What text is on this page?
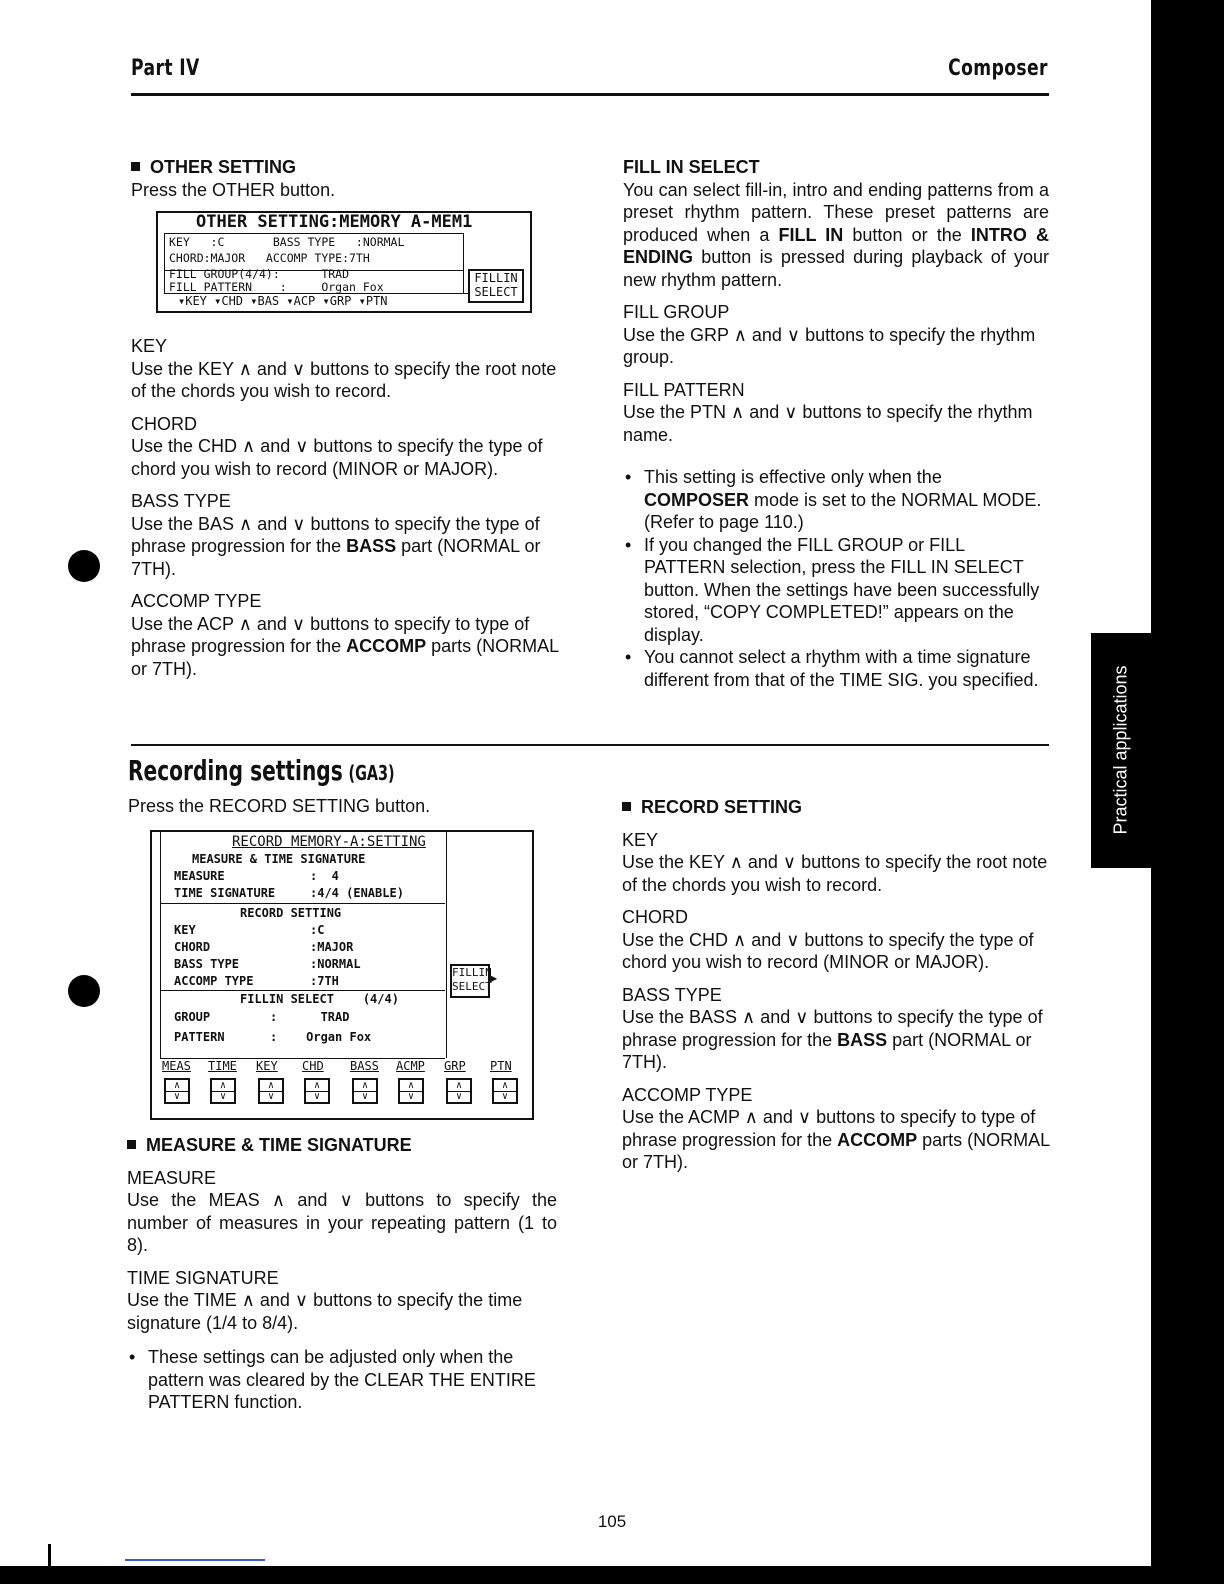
Part IV	Composer

OTHER SETTING

Press the OTHER button.

OTHER SETTING:MEMORY A-MEM1
KEY   :C       BASS TYPE   :NORMAL
CHORD:MAJOR   ACCOMP TYPE:7TH
FILL GROUP(4/4):      TRAD
FILL PATTERN    :     Organ Fox
FILLIN
SELECT
▾KEY ▾CHD ▾BAS ▾ACP ▾GRP ▾PTN

KEY

Use the KEY ∧ and ∨ buttons to specify the root note of the chords you wish to record.

CHORD

Use the CHD ∧ and ∨ buttons to specify the type of chord you wish to record (MINOR or MAJOR).

BASS TYPE

Use the BAS ∧ and ∨ buttons to specify the type of phrase progression for the BASS part (NORMAL or 7TH).

ACCOMP TYPE

Use the ACP ∧ and ∨ buttons to specify to type of phrase progression for the ACCOMP parts (NORMAL or 7TH).

FILL IN SELECT

You can select fill-in, intro and ending patterns from a preset rhythm pattern. These preset patterns are produced when a FILL IN button or the INTRO & ENDING button is pressed during playback of your new rhythm pattern.

FILL GROUP

Use the GRP ∧ and ∨ buttons to specify the rhythm group.

FILL PATTERN

Use the PTN ∧ and ∨ buttons to specify the rhythm name.

• This setting is effective only when the COMPOSER mode is set to the NORMAL MODE. (Refer to page 110.)
• If you changed the FILL GROUP or FILL PATTERN selection, press the FILL IN SELECT button. When the settings have been successfully stored, “COPY COMPLETED!” appears on the display.
• You cannot select a rhythm with a time signature different from that of the TIME SIG. you specified.	Practical applications
Recording settings (GA3)
Press the RECORD SETTING button.
RECORD MEMORY-A:SETTING
MEASURE & TIME SIGNATURE
MEASURE	:  4
TIME SIGNATURE	:4/4 (ENABLE)
RECORD SETTING
KEY	:C
CHORD	:MAJOR
BASS TYPE	:NORMAL
ACCOMP TYPE	:7TH
FILLIN SELECT    (4/4)
GROUP	:      TRAD
PATTERN	:    Organ Fox
FILLIN
SELECT
▶
MEAS TIME KEY CHD BASS ACMP GRP PTN
∧
∨
∧
∨
∧
∨
∧
∨
∧
∨
∧
∨
∧
∨
∧
∨

MEASURE & TIME SIGNATURE

MEASURE

Use the MEAS ∧ and ∨ buttons to specify the number of measures in your repeating pattern (1 to 8).

TIME SIGNATURE

Use the TIME ∧ and ∨ buttons to specify the time signature (1/4 to 8/4).

• These settings can be adjusted only when the pattern was cleared by the CLEAR THE ENTIRE PATTERN function.

RECORD SETTING

KEY

Use the KEY ∧ and ∨ buttons to specify the root note of the chords you wish to record.

CHORD

Use the CHD ∧ and ∨ buttons to specify the type of chord you wish to record (MINOR or MAJOR).

BASS TYPE

Use the BASS ∧ and ∨ buttons to specify the type of phrase progression for the BASS part (NORMAL or 7TH).

ACCOMP TYPE

Use the ACMP ∧ and ∨ buttons to specify to type of phrase progression for the ACCOMP parts (NORMAL or 7TH).

105
